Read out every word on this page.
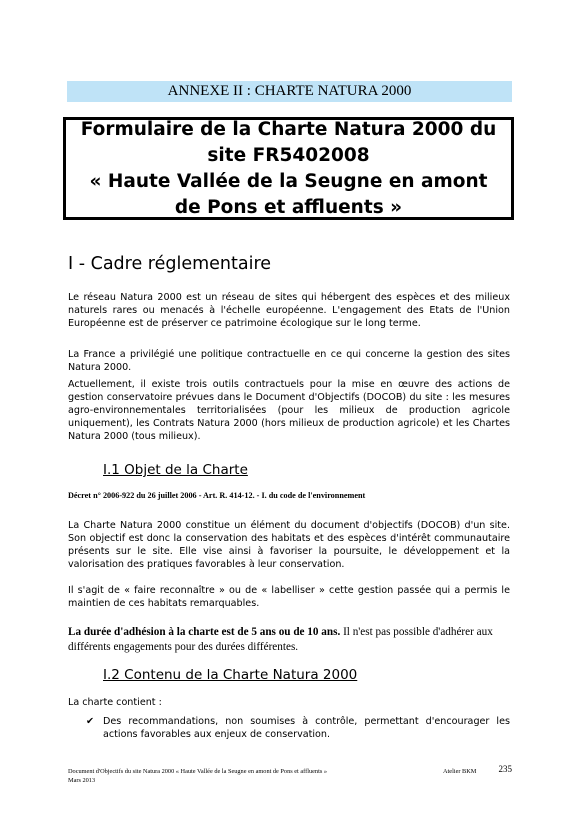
ANNEXE II : CHARTE NATURA 2000
Formulaire de la Charte Natura 2000 du
site FR5402008
« Haute Vallée de la Seugne en amont
de Pons et affluents »
I - Cadre réglementaire
Le réseau Natura 2000 est un réseau de sites qui hébergent des espèces et des milieux naturels rares ou menacés à l'échelle européenne. L'engagement des Etats de l'Union Européenne est de préserver ce patrimoine écologique sur le long terme.
La France a privilégié une politique contractuelle en ce qui concerne la gestion des sites Natura 2000.
Actuellement, il existe trois outils contractuels pour la mise en œuvre des actions de gestion conservatoire prévues dans le Document d'Objectifs (DOCOB) du site : les mesures agro-environnementales territorialisées (pour les milieux de production agricole uniquement), les Contrats Natura 2000 (hors milieux de production agricole) et les Chartes Natura 2000 (tous milieux).
I.1 Objet de la Charte
Décret n° 2006-922 du 26 juillet 2006 - Art. R. 414-12. - I. du code de l'environnement
La Charte Natura 2000 constitue un élément du document d'objectifs (DOCOB) d'un site. Son objectif est donc la conservation des habitats et des espèces d'intérêt communautaire présents sur le site. Elle vise ainsi à favoriser la poursuite, le développement et la valorisation des pratiques favorables à leur conservation.
Il s'agit de « faire reconnaître » ou de « labelliser » cette gestion passée qui a permis le maintien de ces habitats remarquables.
La durée d'adhésion à la charte est de 5 ans ou de 10 ans. Il n'est pas possible d'adhérer aux différents engagements pour des durées différentes.
I.2 Contenu de la Charte Natura 2000
La charte contient :
✔ Des recommandations, non soumises à contrôle, permettant d'encourager les actions favorables aux enjeux de conservation.
Document d'Objectifs du site Natura 2000 « Haute Vallée de la Seugne en amont de Pons et affluents »
Mars 2013
Atelier BKM 235
